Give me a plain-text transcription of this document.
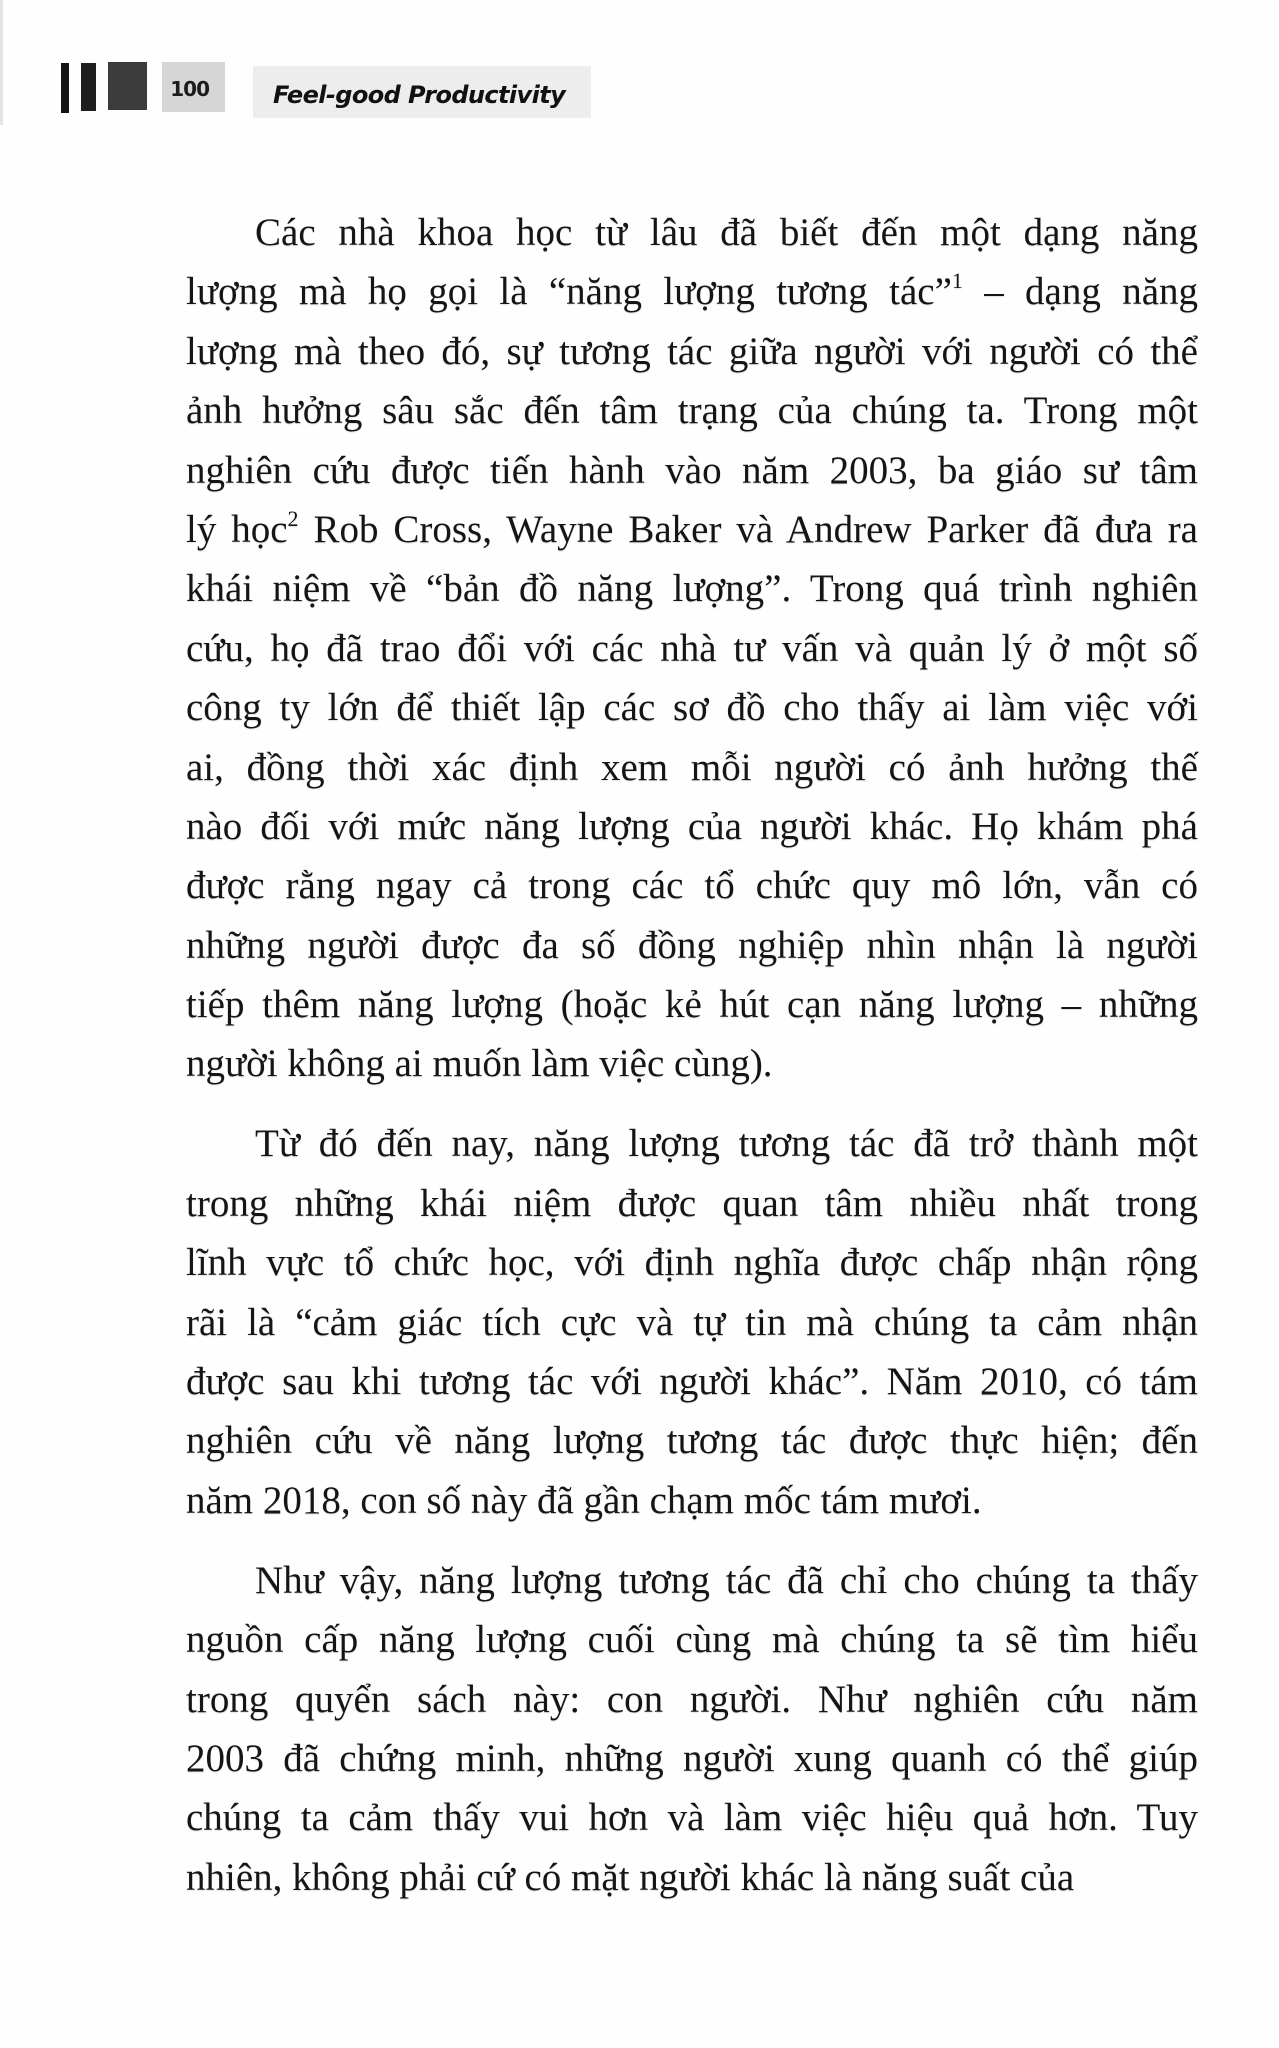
100	Feel-good Productivity
Các nhà khoa học từ lâu đã biết đến một dạng năng
lượng mà họ gọi là “năng lượng tương tác”$^1$ – dạng năng
lượng mà theo đó, sự tương tác giữa người với người có thể
ảnh hưởng sâu sắc đến tâm trạng của chúng ta. Trong một
nghiên cứu được tiến hành vào năm 2003, ba giáo sư tâm
lý học$^2$ Rob Cross, Wayne Baker và Andrew Parker đã đưa ra
khái niệm về “bản đồ năng lượng”. Trong quá trình nghiên
cứu, họ đã trao đổi với các nhà tư vấn và quản lý ở một số
công ty lớn để thiết lập các sơ đồ cho thấy ai làm việc với
ai, đồng thời xác định xem mỗi người có ảnh hưởng thế
nào đối với mức năng lượng của người khác. Họ khám phá
được rằng ngay cả trong các tổ chức quy mô lớn, vẫn có
những người được đa số đồng nghiệp nhìn nhận là người
tiếp thêm năng lượng (hoặc kẻ hút cạn năng lượng – những
người không ai muốn làm việc cùng).
Từ đó đến nay, năng lượng tương tác đã trở thành một
trong những khái niệm được quan tâm nhiều nhất trong
lĩnh vực tổ chức học, với định nghĩa được chấp nhận rộng
rãi là “cảm giác tích cực và tự tin mà chúng ta cảm nhận
được sau khi tương tác với người khác”. Năm 2010, có tám
nghiên cứu về năng lượng tương tác được thực hiện; đến
năm 2018, con số này đã gần chạm mốc tám mươi.
Như vậy, năng lượng tương tác đã chỉ cho chúng ta thấy
nguồn cấp năng lượng cuối cùng mà chúng ta sẽ tìm hiểu
trong quyển sách này: con người. Như nghiên cứu năm
2003 đã chứng minh, những người xung quanh có thể giúp
chúng ta cảm thấy vui hơn và làm việc hiệu quả hơn. Tuy
nhiên, không phải cứ có mặt người khác là năng suất của
